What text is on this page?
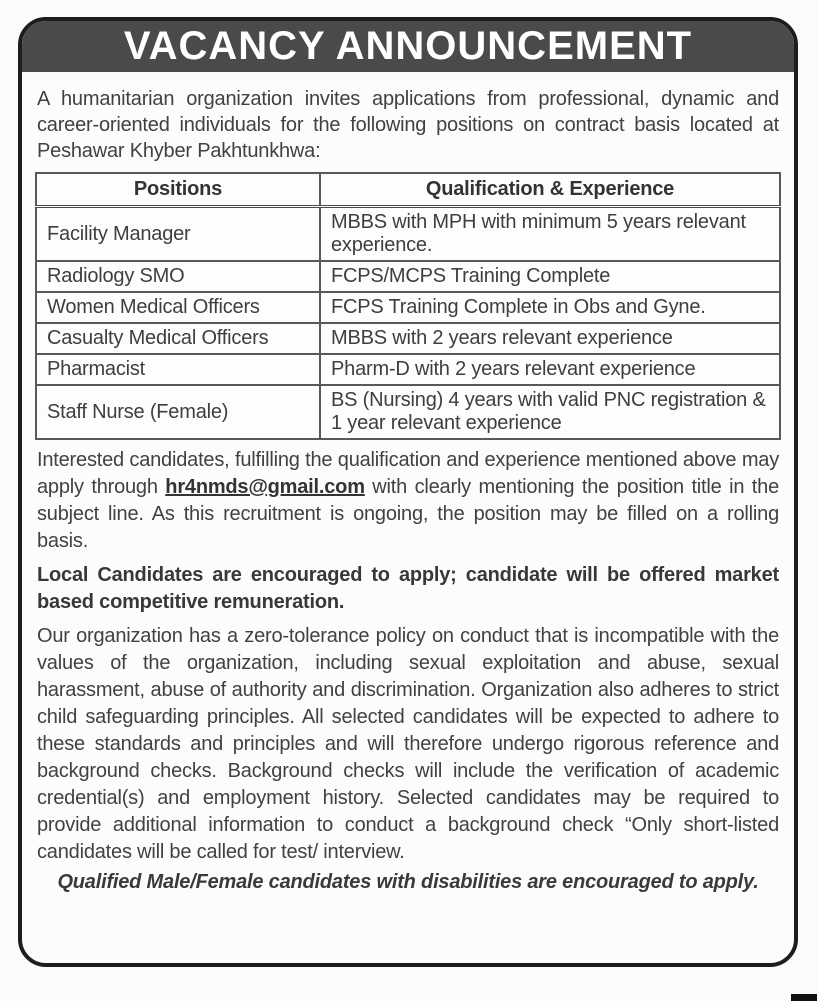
VACANCY ANNOUNCEMENT

A humanitarian organization invites applications from professional, dynamic and career-oriented individuals for the following positions on contract basis located at Peshawar Khyber Pakhtunkhwa:

Positions	Qualification & Experience
Facility Manager	MBBS with MPH with minimum 5 years relevant experience.
Radiology SMO	FCPS/MCPS Training Complete
Women Medical Officers	FCPS Training Complete in Obs and Gyne.
Casualty Medical Officers	MBBS with 2 years relevant experience
Pharmacist	Pharm-D with 2 years relevant experience
Staff Nurse (Female)	BS (Nursing) 4 years with valid PNC registration & 1 year relevant experience

Interested candidates, fulfilling the qualification and experience mentioned above may apply through hr4nmds@gmail.com with clearly mentioning the position title in the subject line. As this recruitment is ongoing, the position may be filled on a rolling basis.

Local Candidates are encouraged to apply; candidate will be offered market based competitive remuneration.

Our organization has a zero-tolerance policy on conduct that is incompatible with the values of the organization, including sexual exploitation and abuse, sexual harassment, abuse of authority and discrimination. Organization also adheres to strict child safeguarding principles. All selected candidates will be expected to adhere to these standards and principles and will therefore undergo rigorous reference and background checks. Background checks will include the verification of academic credential(s) and employment history. Selected candidates may be required to provide additional information to conduct a background check “Only short-listed candidates will be called for test/ interview.

Qualified Male/Female candidates with disabilities are encouraged to apply.
